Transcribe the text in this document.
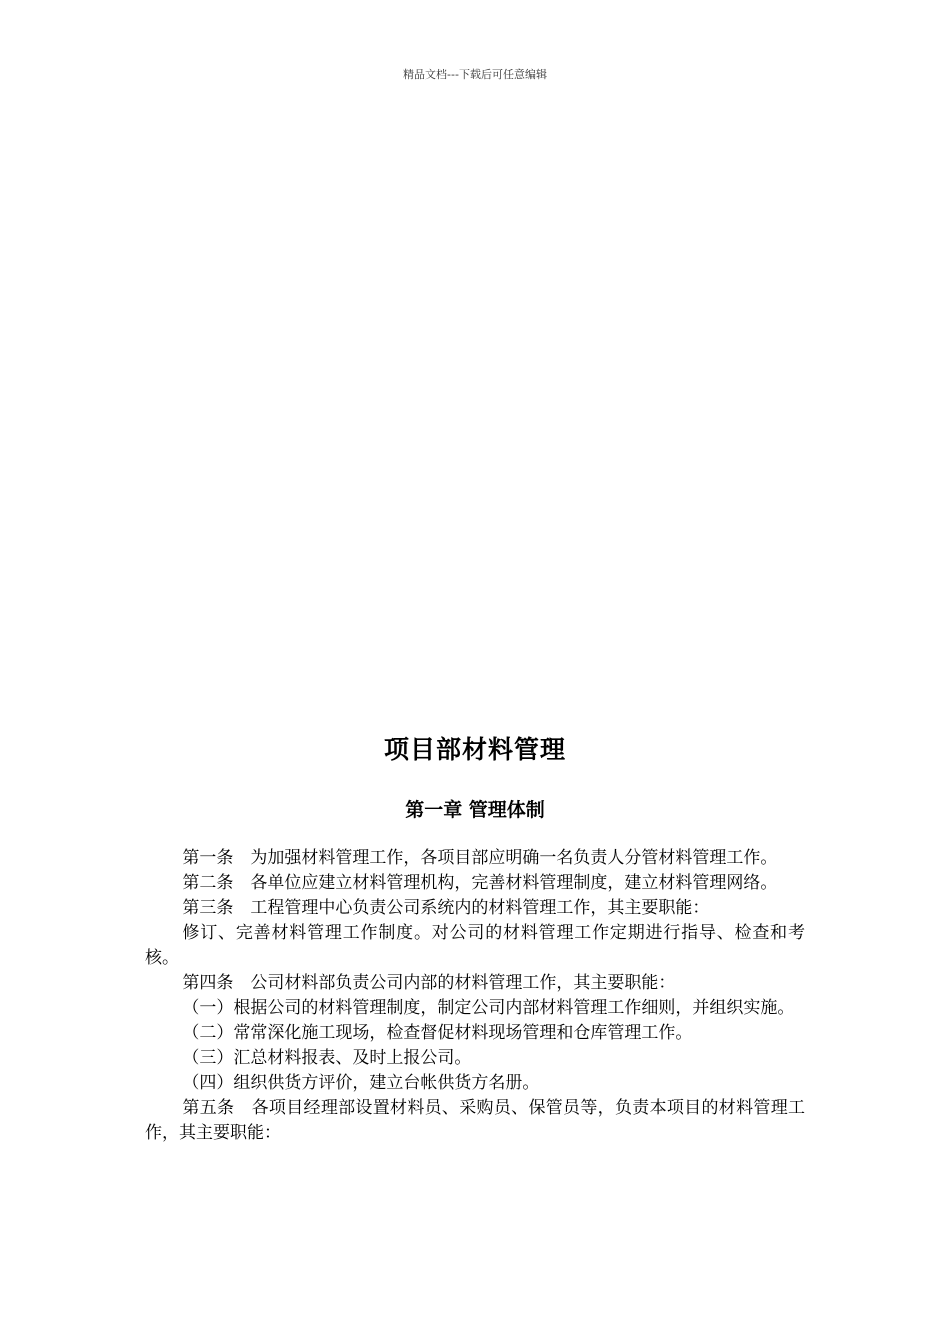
精品文档---下载后可任意编辑
项目部材料管理
第一章 管理体制

第一条　为加强材料管理工作，各项目部应明确一名负责人分管材料管理工作。

第二条　各单位应建立材料管理机构，完善材料管理制度，建立材料管理网络。

第三条　工程管理中心负责公司系统内的材料管理工作，其主要职能：

修订、完善材料管理工作制度。对公司的材料管理工作定期进行指导、检查和考核。

第四条　公司材料部负责公司内部的材料管理工作，其主要职能：

（一）根据公司的材料管理制度，制定公司内部材料管理工作细则，并组织实施。

（二）常常深化施工现场，检查督促材料现场管理和仓库管理工作。

（三）汇总材料报表、及时上报公司。

（四）组织供货方评价，建立台帐供货方名册。

第五条　各项目经理部设置材料员、采购员、保管员等，负责本项目的材料管理工作，其主要职能：
